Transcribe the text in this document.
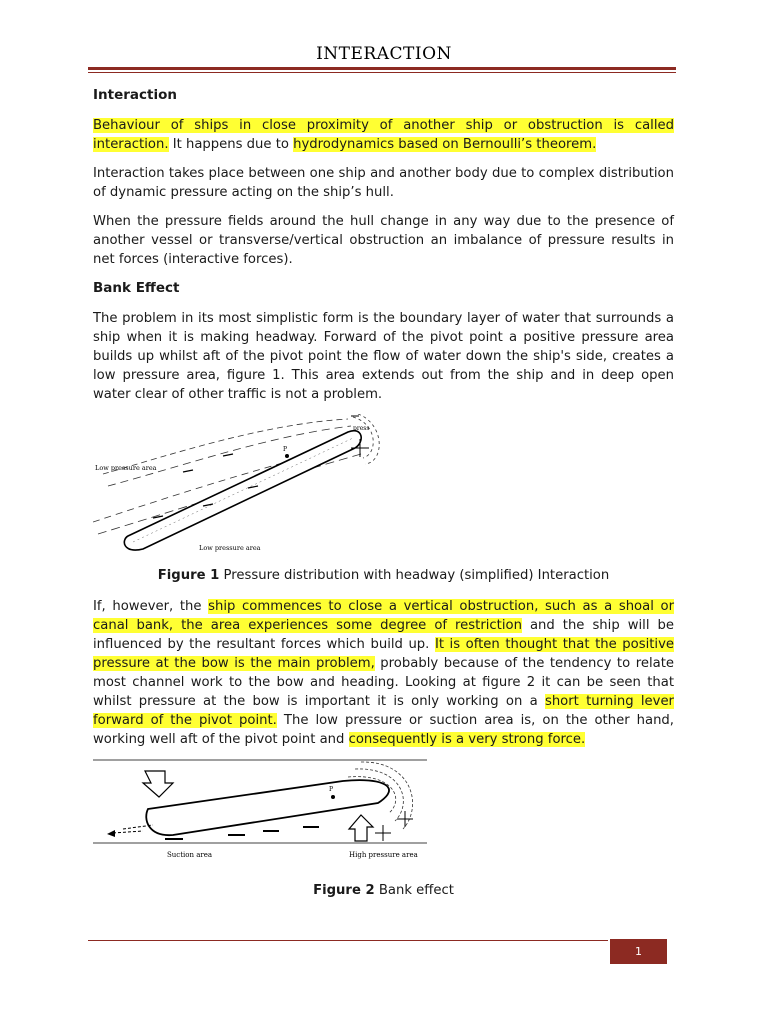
INTERACTION
Interaction

Behaviour of ships in close proximity of another ship or obstruction is called interaction. It happens due to hydrodynamics based on Bernoulli’s theorem.

Interaction takes place between one ship and another body due to complex distribution of dynamic pressure acting on the ship’s hull.

When the pressure fields around the hull change in any way due to the presence of another vessel or transverse/vertical obstruction an imbalance of pressure results in net forces (interactive forces).

Bank Effect

The problem in its most simplistic form is the boundary layer of water that surrounds a ship when it is making headway. Forward of the pivot point a positive pressure area builds up whilst aft of the pivot point the flow of water down the ship's side, creates a low pressure area, figure 1. This area extends out from the ship and in deep open water clear of other traffic is not a problem.

P
press
Low pressure area
Low pressure area
Figure 1 Pressure distribution with headway (simplified) Interaction

If, however, the ship commences to close a vertical obstruction, such as a shoal or canal bank, the area experiences some degree of restriction and the ship will be influenced by the resultant forces which build up. It is often thought that the positive pressure at the bow is the main problem, probably because of the tendency to relate most channel work to the bow and heading. Looking at figure 2 it can be seen that whilst pressure at the bow is important it is only working on a short turning lever forward of the pivot point. The low pressure or suction area is, on the other hand, working well aft of the pivot point and consequently is a very strong force.

P
Suction area	High pressure area
Figure 2 Bank effect
1
